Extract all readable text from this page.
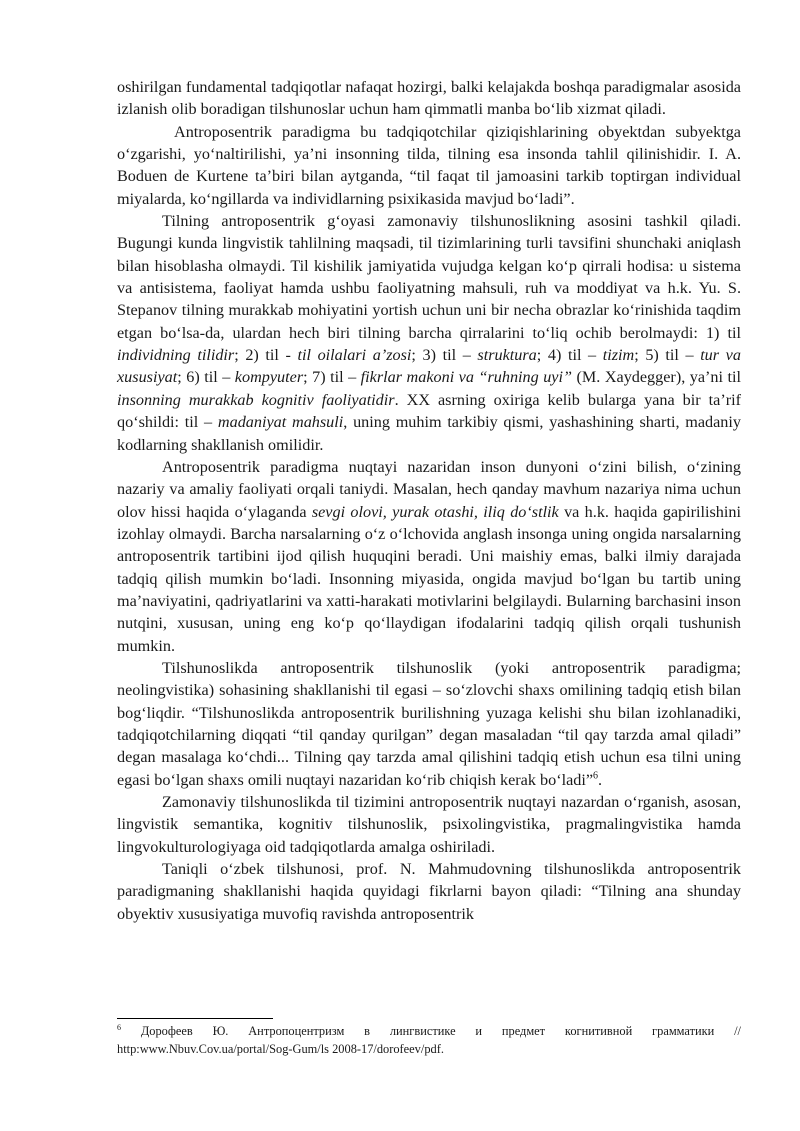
oshirilgan fundamental tadqiqotlar nafaqat hozirgi, balki kelajakda boshqa paradigmalar asosida izlanish olib boradigan tilshunoslar uchun ham qimmatli manba bo‘lib xizmat qiladi.

Antroposentrik paradigma bu tadqiqotchilar qiziqishlarining obyektdan subyektga o‘zgarishi, yo‘naltirilishi, ya’ni insonning tilda, tilning esa insonda tahlil qilinishidir. I. A. Boduen de Kurtene ta’biri bilan aytganda, “til faqat til jamoasini tarkib toptirgan individual miyalarda, ko‘ngillarda va individlarning psixikasida mavjud bo‘ladi”.

Tilning antroposentrik g‘oyasi zamonaviy tilshunoslikning asosini tashkil qiladi. Bugungi kunda lingvistik tahlilning maqsadi, til tizimlarining turli tavsifini shunchaki aniqlash bilan hisoblasha olmaydi. Til kishilik jamiyatida vujudga kelgan ko‘p qirrali hodisa: u sistema va antisistema, faoliyat hamda ushbu faoliyatning mahsuli, ruh va moddiyat va h.k. Yu. S. Stepanov tilning murakkab mohiyatini yortish uchun uni bir necha obrazlar ko‘rinishida taqdim etgan bo‘lsa-da, ulardan hech biri tilning barcha qirralarini to‘liq ochib berolmaydi: 1) til individning tilidir; 2) til - til oilalari a’zosi; 3) til – struktura; 4) til – tizim; 5) til – tur va xususiyat; 6) til – kompyuter; 7) til – fikrlar makoni va “ruhning uyi” (M. Xaydegger), ya’ni til insonning murakkab kognitiv faoliyatidir. XX asrning oxiriga kelib bularga yana bir ta’rif qo‘shildi: til – madaniyat mahsuli, uning muhim tarkibiy qismi, yashashining sharti, madaniy kodlarning shakllanish omilidir.

Antroposentrik paradigma nuqtayi nazaridan inson dunyoni o‘zini bilish, o‘zining nazariy va amaliy faoliyati orqali taniydi. Masalan, hech qanday mavhum nazariya nima uchun olov hissi haqida o‘ylaganda sevgi olovi, yurak otashi, iliq do‘stlik va h.k. haqida gapirilishini izohlay olmaydi. Barcha narsalarning o‘z o‘lchovida anglash insonga uning ongida narsalarning antroposentrik tartibini ijod qilish huquqini beradi. Uni maishiy emas, balki ilmiy darajada tadqiq qilish mumkin bo‘ladi. Insonning miyasida, ongida mavjud bo‘lgan bu tartib uning ma’naviyatini, qadriyatlarini va xatti-harakati motivlarini belgilaydi. Bularning barchasini inson nutqini, xususan, uning eng ko‘p qo‘llaydigan ifodalarini tadqiq qilish orqali tushunish mumkin.

Tilshunoslikda antroposentrik tilshunoslik (yoki antroposentrik paradigma; neolingvistika) sohasining shakllanishi til egasi – so‘zlovchi shaxs omilining tadqiq etish bilan bog‘liqdir. “Tilshunoslikda antroposentrik burilishning yuzaga kelishi shu bilan izohlanadiki, tadqiqotchilarning diqqati “til qanday qurilgan” degan masaladan “til qay tarzda amal qiladi” degan masalaga ko‘chdi... Tilning qay tarzda amal qilishini tadqiq etish uchun esa tilni uning egasi bo‘lgan shaxs omili nuqtayi nazaridan ko‘rib chiqish kerak bo‘ladi”$^6$.

Zamonaviy tilshunoslikda til tizimini antroposentrik nuqtayi nazardan o‘rganish, asosan, lingvistik semantika, kognitiv tilshunoslik, psixolingvistika, pragmalingvistika hamda lingvokulturologiyaga oid tadqiqotlarda amalga oshiriladi.

Taniqli o‘zbek tilshunosi, prof. N. Mahmudovning tilshunoslikda antroposentrik paradigmaning shakllanishi haqida quyidagi fikrlarni bayon qiladi: “Tilning ana shunday obyektiv xususiyatiga muvofiq ravishda antroposentrik

$^6$ Дорофеев Ю. Антропоцентризм в лингвистике и предмет когнитивной грамматики // http:www.Nbuv.Cov.ua/portal/Sog-Gum/ls 2008-17/dorofeev/pdf.
